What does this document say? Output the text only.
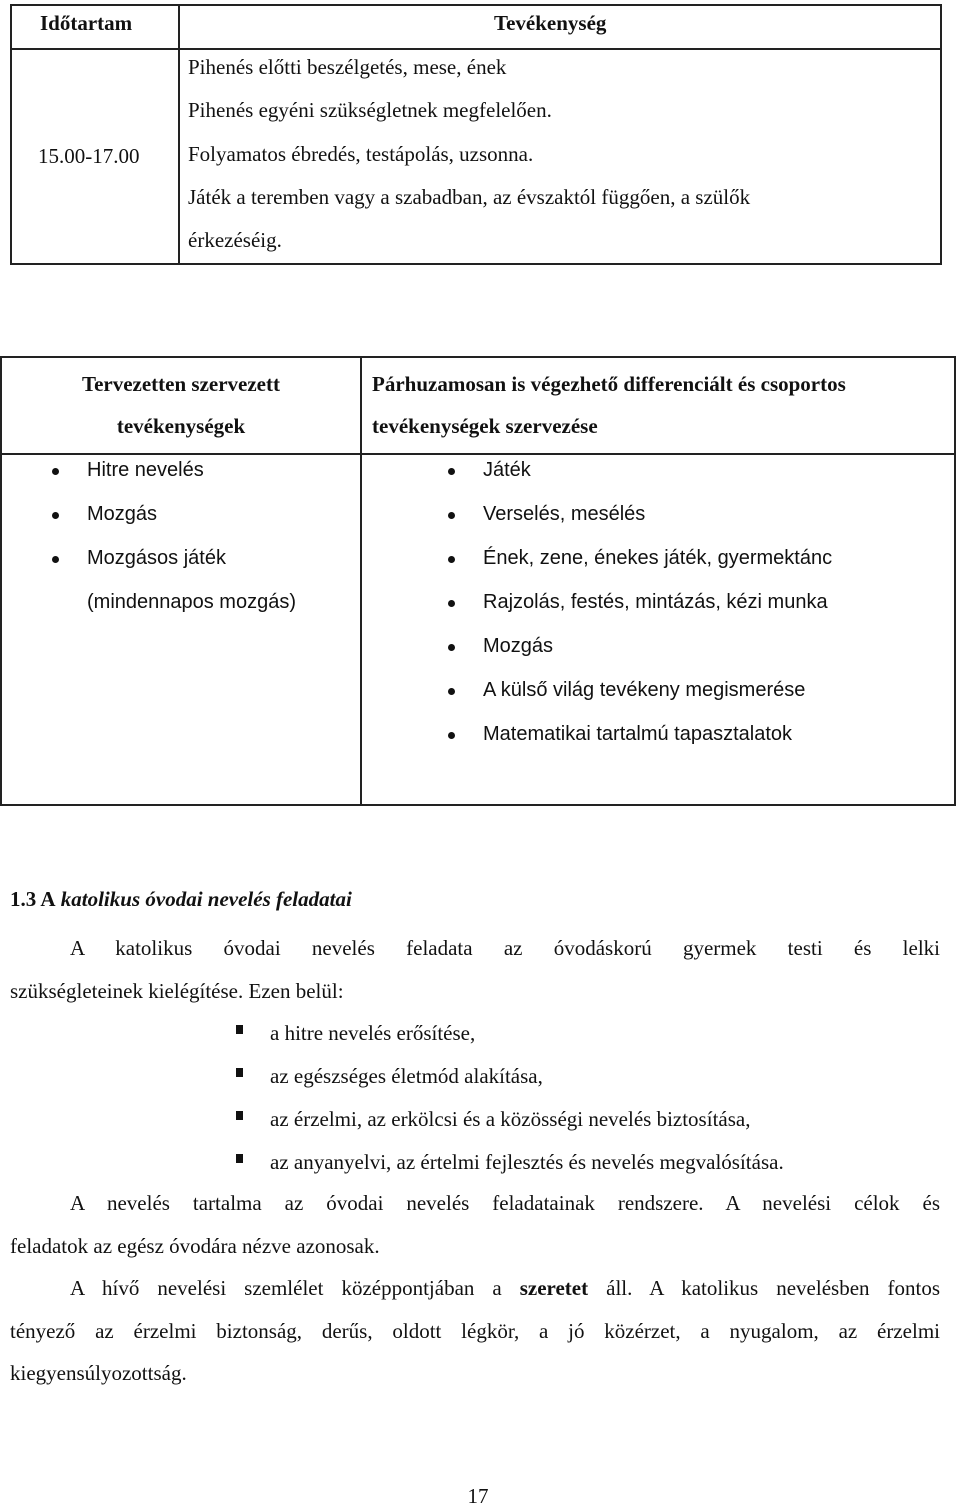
Időtartam	Tevékenység
15.00-17.00
Pihenés előtti beszélgetés, mese, ének
Pihenés egyéni szükségletnek megfelelően.
Folyamatos ébredés, testápolás, uzsonna.
Játék a teremben vagy a szabadban, az évszaktól függően, a szülők
érkezéséig.
Tervezetten szervezett
tevékenységek
Párhuzamosan is végezhető differenciált és csoportos
tevékenységek szervezése
Hitre nevelés
Mozgás
Mozgásos játék
(mindennapos mozgás)
Játék
Verselés, mesélés
Ének, zene, énekes játék, gyermektánc
Rajzolás, festés, mintázás, kézi munka
Mozgás
A külső világ tevékeny megismerése
Matematikai tartalmú tapasztalatok
1.3 A katolikus óvodai nevelés feladatai
A katolikus óvodai nevelés feladata az óvodáskorú gyermek testi és lelki
szükségleteinek kielégítése. Ezen belül:
a hitre nevelés erősítése,
az egészséges életmód alakítása,
az érzelmi, az erkölcsi és a közösségi nevelés biztosítása,
az anyanyelvi, az értelmi fejlesztés és nevelés megvalósítása.
A nevelés tartalma az óvodai nevelés feladatainak rendszere. A nevelési célok és
feladatok az egész óvodára nézve azonosak.
A hívő nevelési szemlélet középpontjában a szeretet áll. A katolikus nevelésben fontos
tényező az érzelmi biztonság, derűs, oldott légkör, a jó közérzet, a nyugalom, az érzelmi
kiegyensúlyozottság.
17
